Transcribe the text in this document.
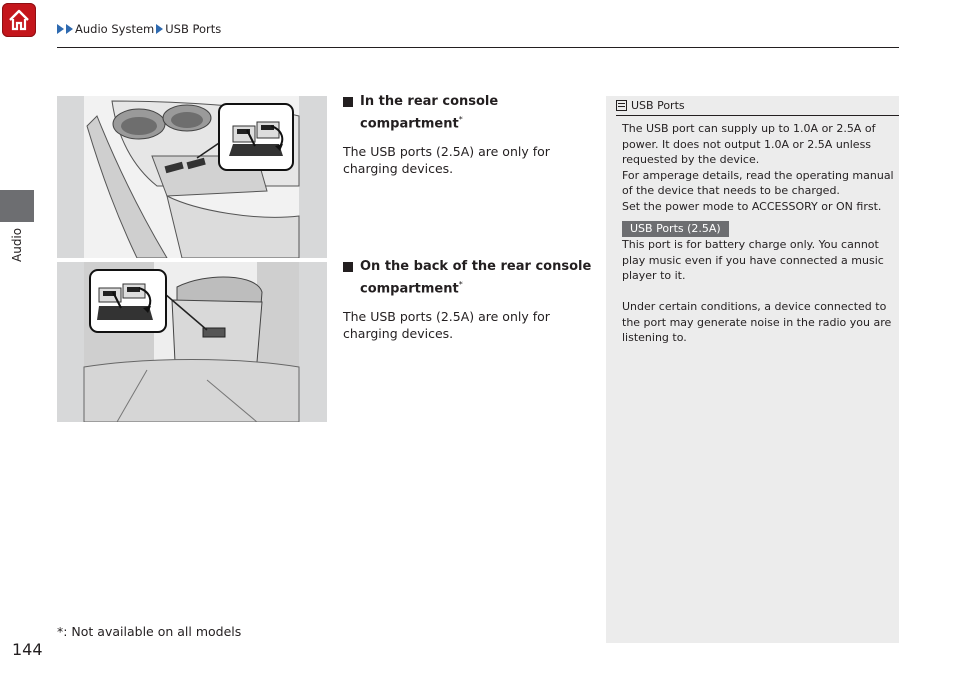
Audio System USB Ports
Audio
144
In the rear console compartment*
The USB ports (2.5A) are only for charging devices.
On the back of the rear console compartment*
The USB ports (2.5A) are only for charging devices.
*: Not available on all models
USB Ports
The USB port can supply up to 1.0A or 2.5A of power. It does not output 1.0A or 2.5A unless requested by the device.
For amperage details, read the operating manual of the device that needs to be charged.
Set the power mode to ACCESSORY or ON first.
USB Ports (2.5A)
This port is for battery charge only. You cannot play music even if you have connected a music player to it.
Under certain conditions, a device connected to the port may generate noise in the radio you are listening to.
